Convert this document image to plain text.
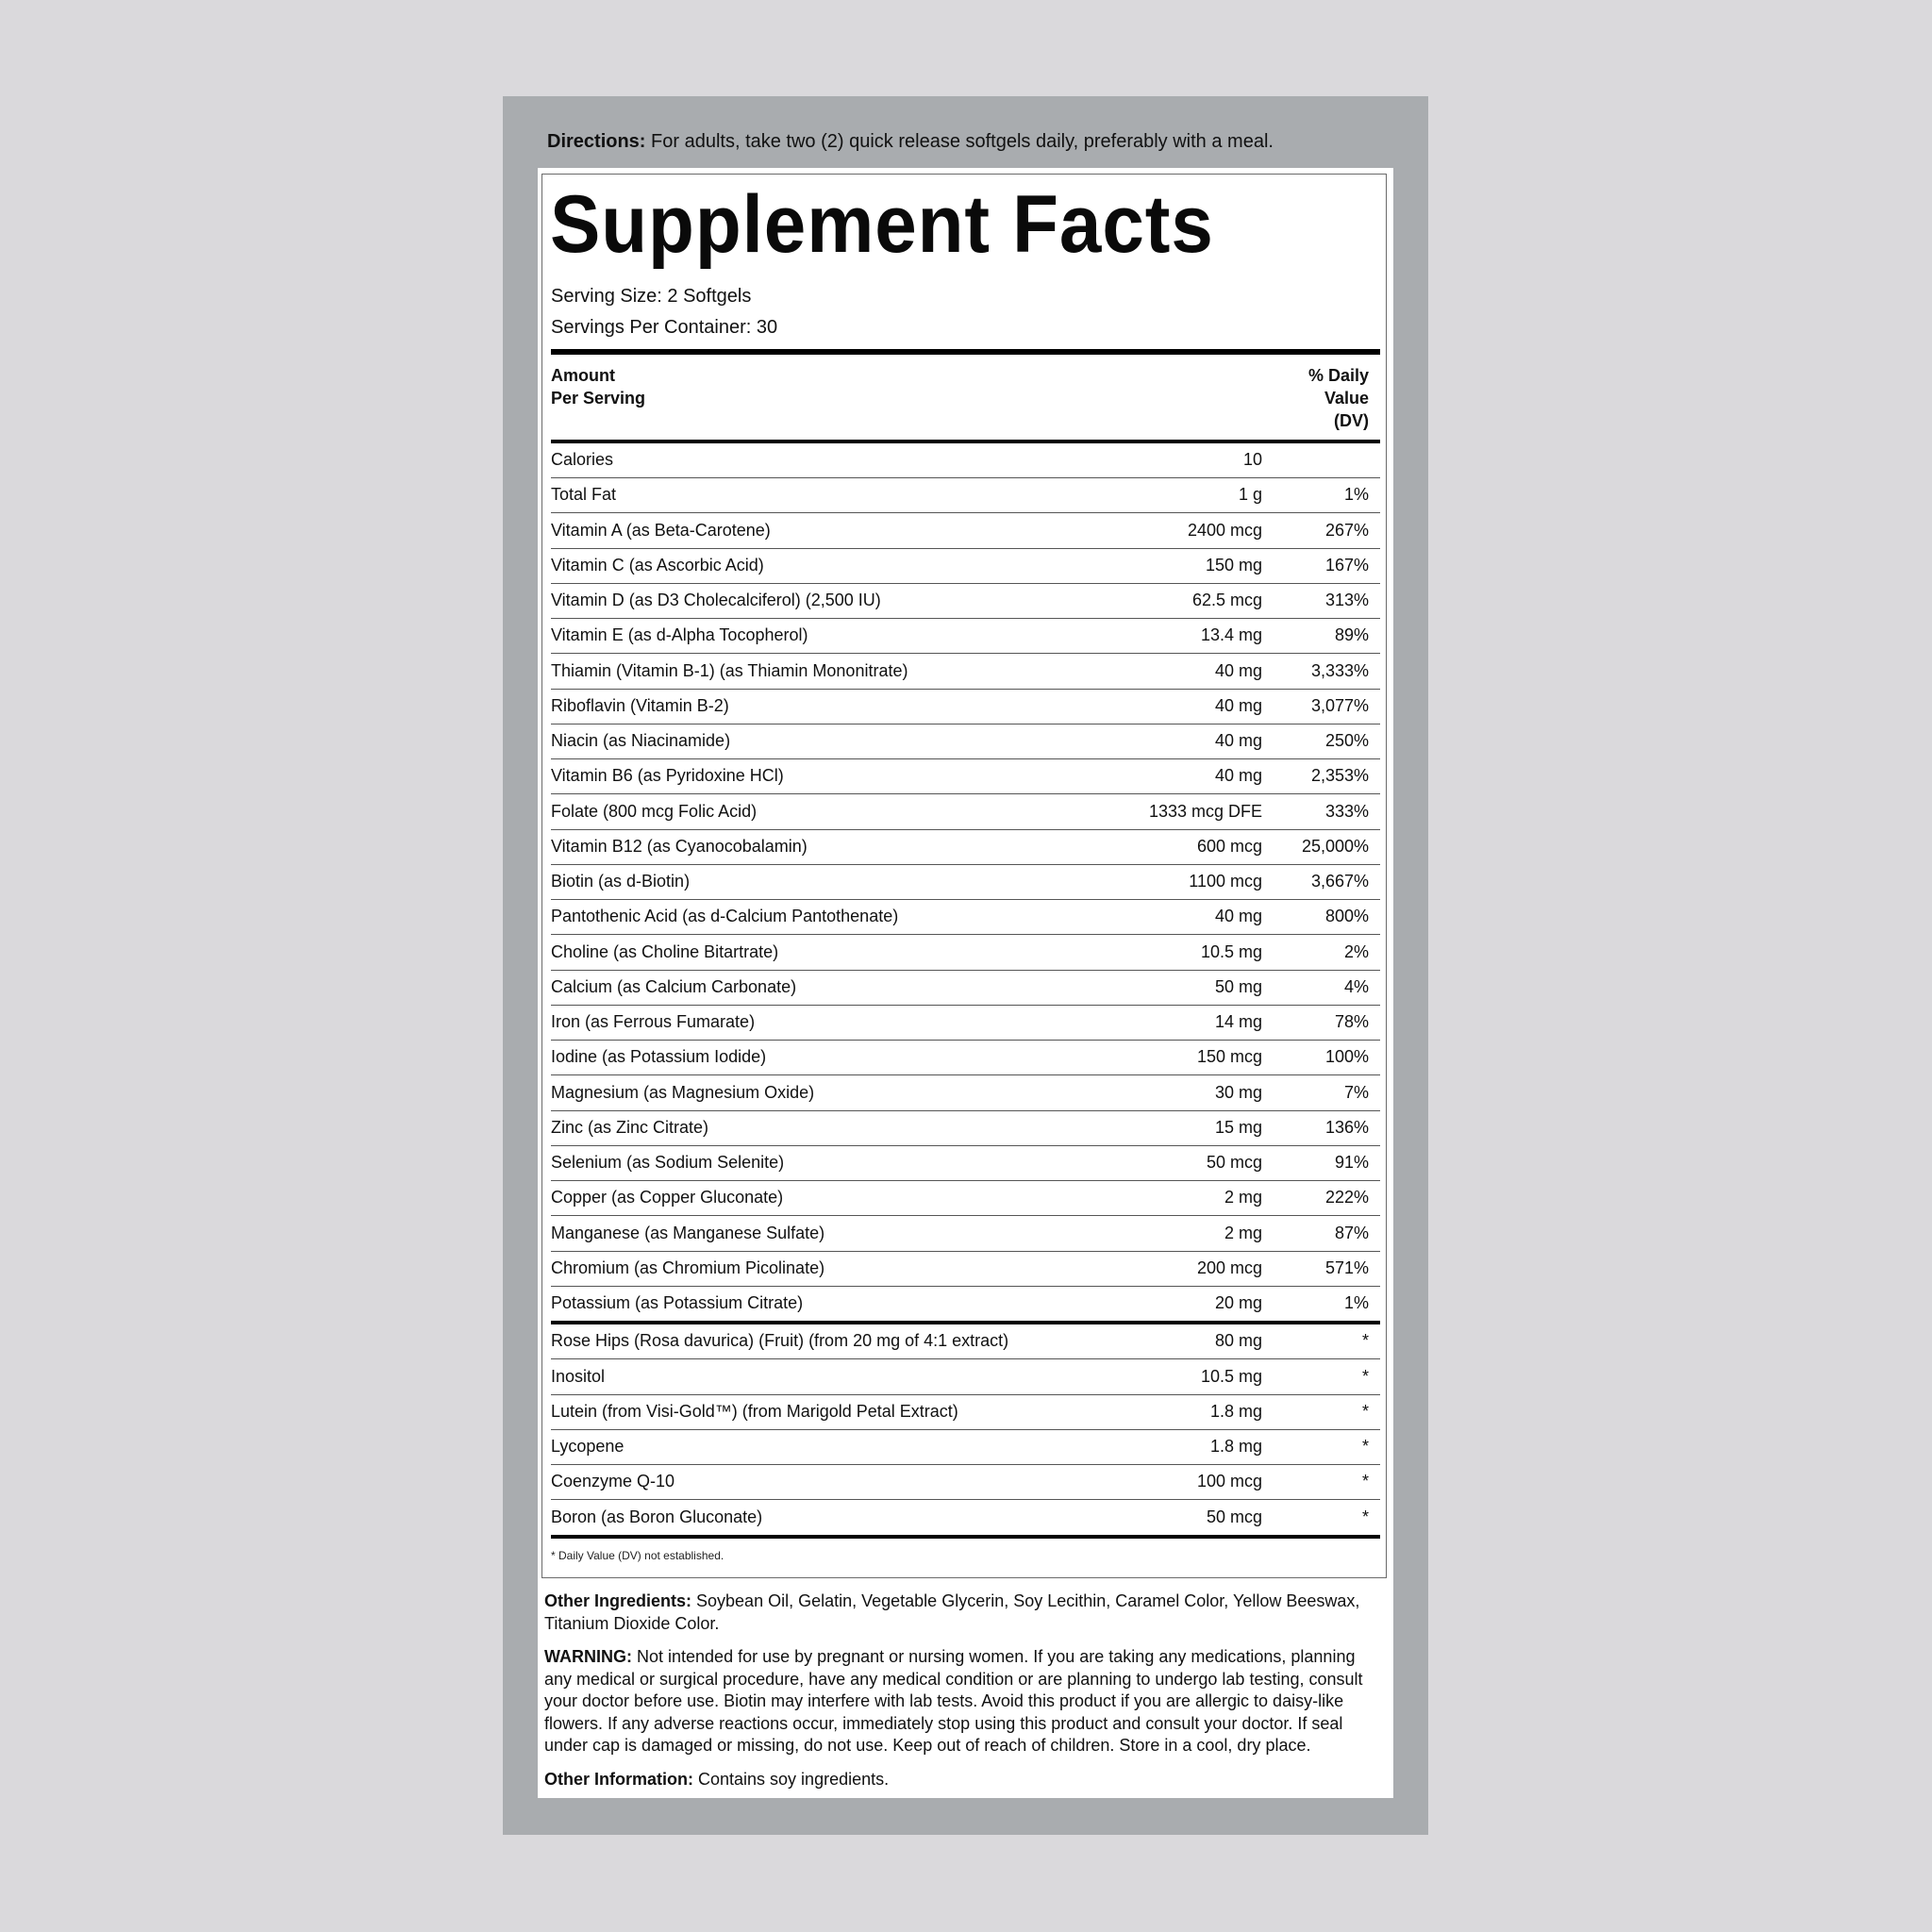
Directions: For adults, take two (2) quick release softgels daily, preferably with a meal.
Supplement Facts
Serving Size: 2 Softgels
Servings Per Container: 30
Amount
Per Serving
% Daily
Value
(DV)
Calories	10
Total Fat	1 g	1%
Vitamin A (as Beta-Carotene)	2400 mcg	267%
Vitamin C (as Ascorbic Acid)	150 mg	167%
Vitamin D (as D3 Cholecalciferol) (2,500 IU)	62.5 mcg	313%
Vitamin E (as d-Alpha Tocopherol)	13.4 mg	89%
Thiamin (Vitamin B-1) (as Thiamin Mononitrate)	40 mg	3,333%
Riboflavin (Vitamin B-2)	40 mg	3,077%
Niacin (as Niacinamide)	40 mg	250%
Vitamin B6 (as Pyridoxine HCl)	40 mg	2,353%
Folate (800 mcg Folic Acid)	1333 mcg DFE	333%
Vitamin B12 (as Cyanocobalamin)	600 mcg 25,000%
Biotin (as d-Biotin)	1100 mcg	3,667%
Pantothenic Acid (as d-Calcium Pantothenate)	40 mg	800%
Choline (as Choline Bitartrate)	10.5 mg	2%
Calcium (as Calcium Carbonate)	50 mg	4%
Iron (as Ferrous Fumarate)	14 mg	78%
Iodine (as Potassium Iodide)	150 mcg	100%
Magnesium (as Magnesium Oxide)	30 mg	7%
Zinc (as Zinc Citrate)	15 mg	136%
Selenium (as Sodium Selenite)	50 mcg	91%
Copper (as Copper Gluconate)	2 mg	222%
Manganese (as Manganese Sulfate)	2 mg	87%
Chromium (as Chromium Picolinate)	200 mcg	571%
Potassium (as Potassium Citrate)	20 mg	1%
Rose Hips (Rosa davurica) (Fruit) (from 20 mg of 4:1 extract)	80 mg	*
Inositol	10.5 mg	*
Lutein (from Visi-Gold™) (from Marigold Petal Extract)	1.8 mg	*
Lycopene	1.8 mg	*
Coenzyme Q-10	100 mcg	*
Boron (as Boron Gluconate)	50 mcg	*
* Daily Value (DV) not established.
Other Ingredients: Soybean Oil, Gelatin, Vegetable Glycerin, Soy Lecithin, Caramel Color, Yellow Beeswax, Titanium Dioxide Color.
WARNING: Not intended for use by pregnant or nursing women. If you are taking any medications, planning any medical or surgical procedure, have any medical condition or are planning to undergo lab testing, consult your doctor before use. Biotin may interfere with lab tests. Avoid this product if you are allergic to daisy-like flowers. If any adverse reactions occur, immediately stop using this product and consult your doctor. If seal under cap is damaged or missing, do not use. Keep out of reach of children. Store in a cool, dry place.
Other Information: Contains soy ingredients.
